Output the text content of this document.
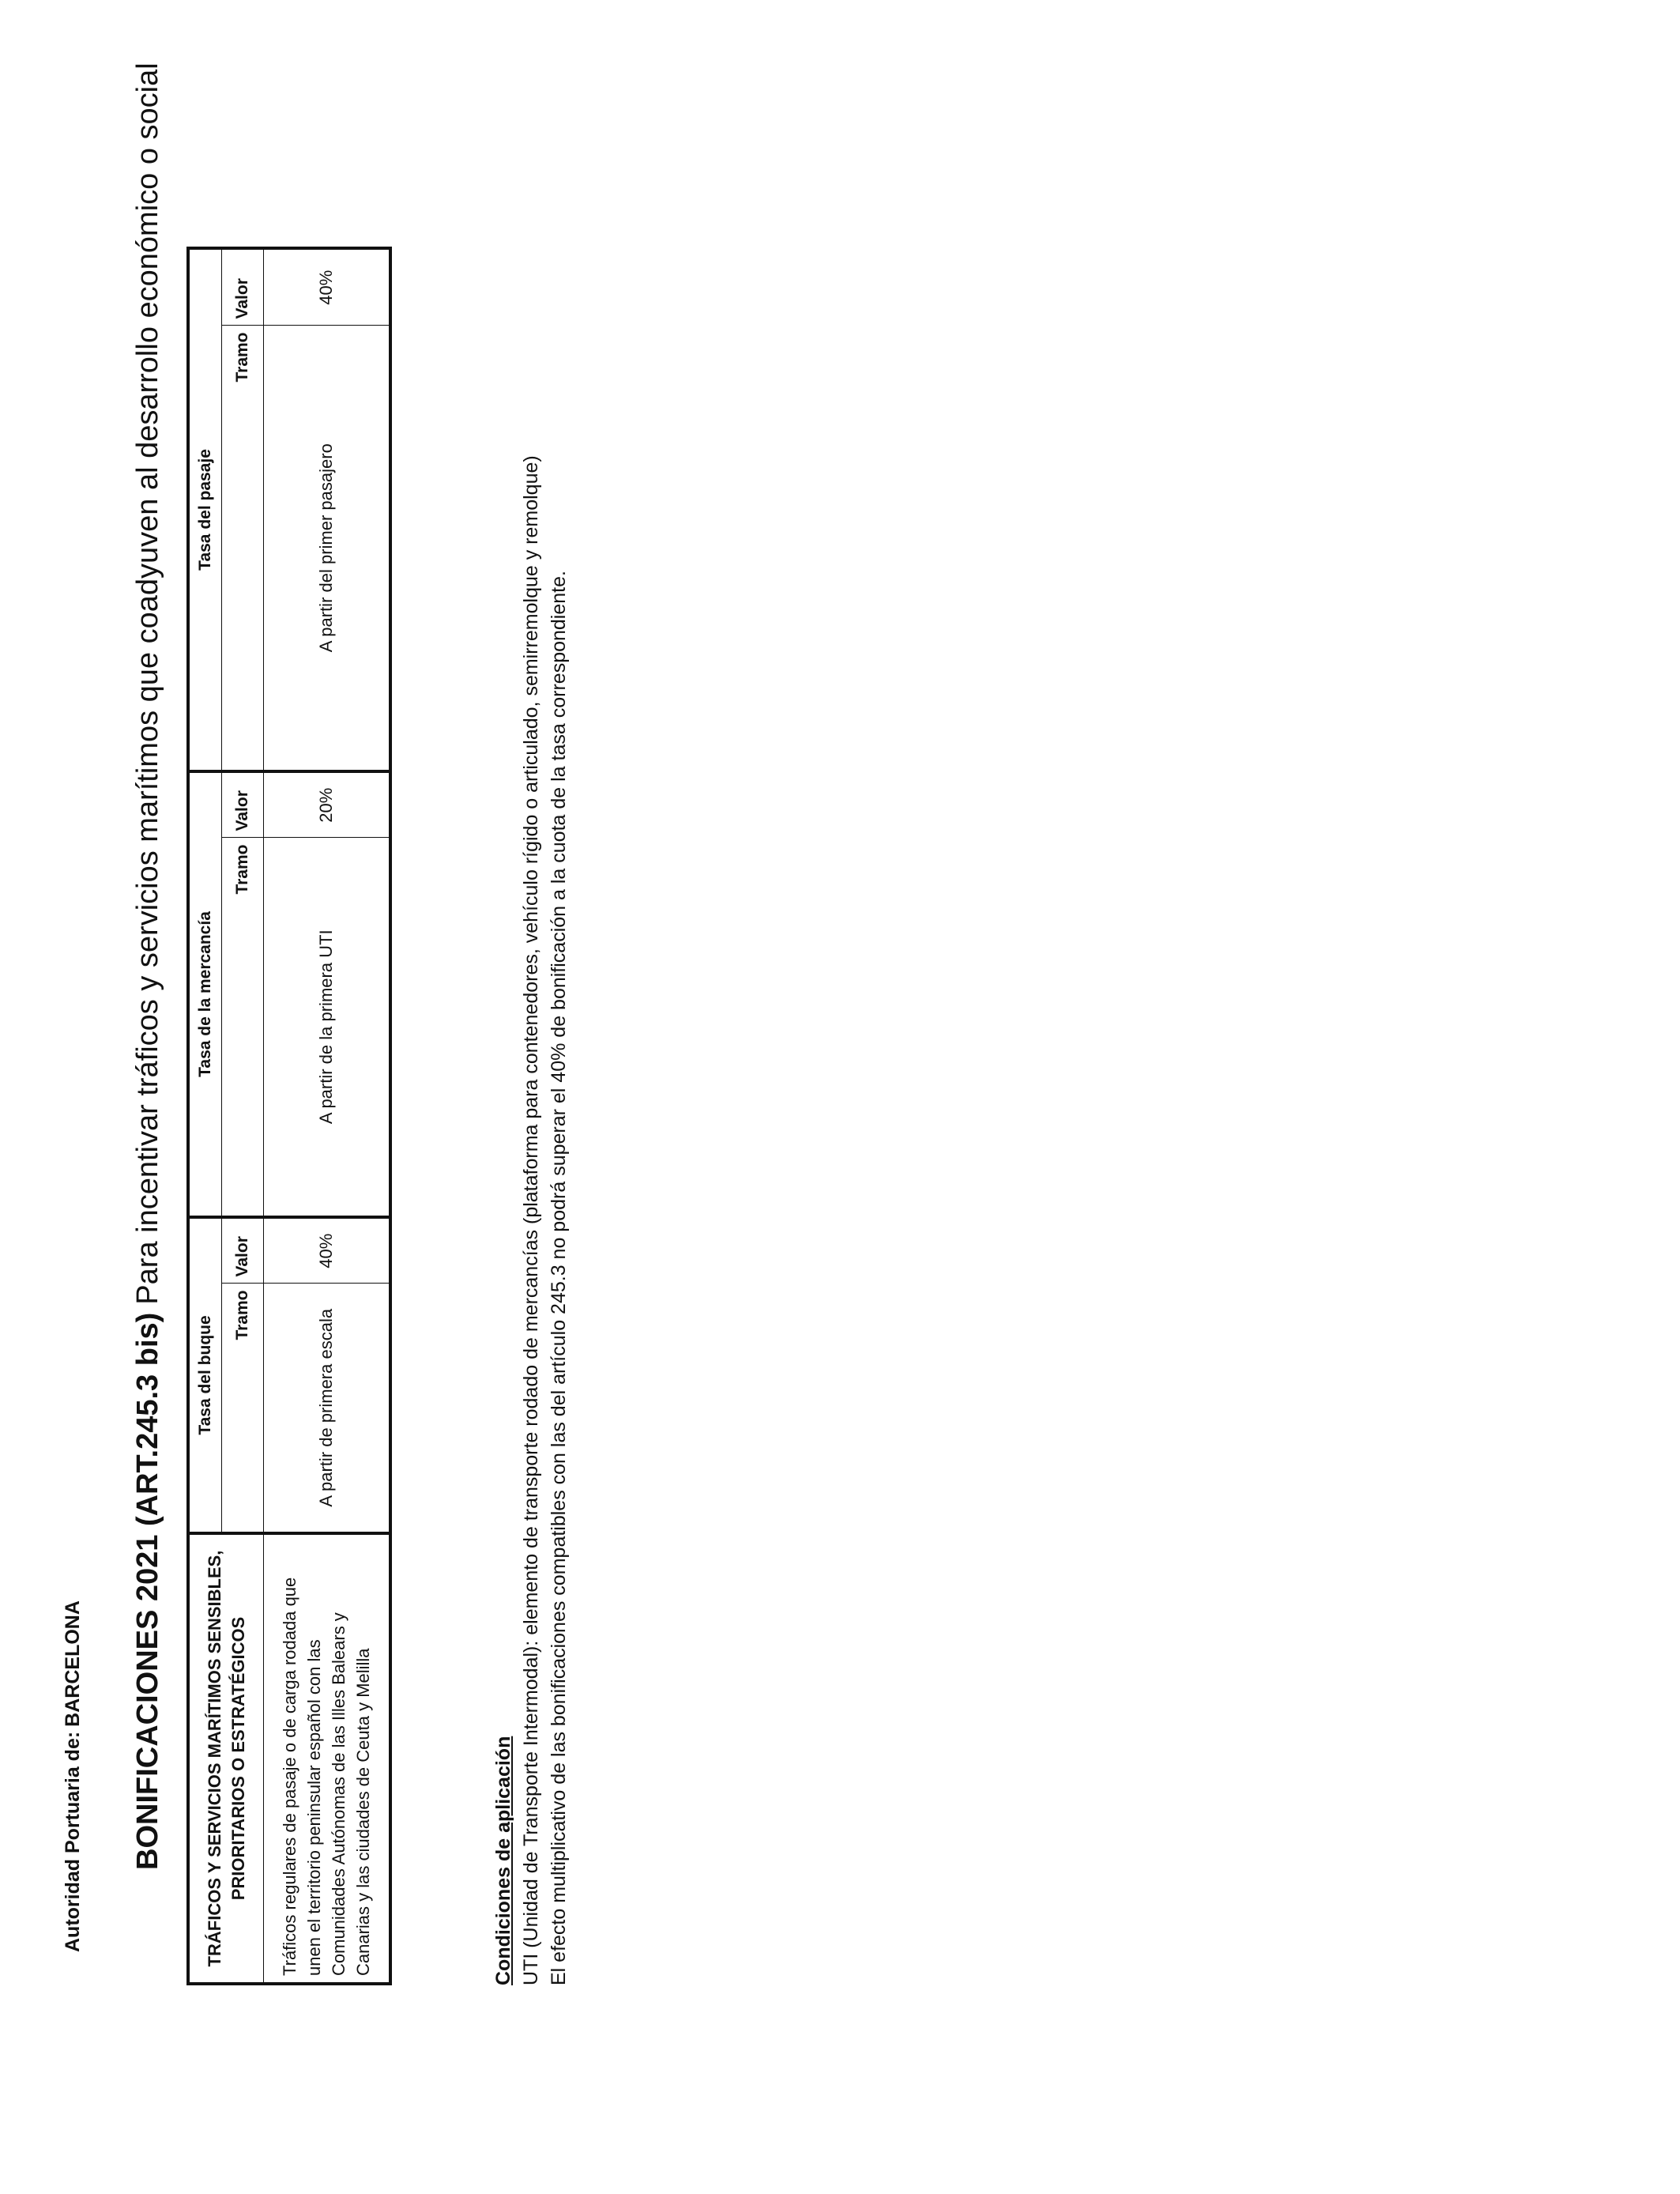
Autoridad Portuaria de:BARCELONA BONIFICACIONES 2021 (ART.245.3 bis)Para incentivar tráficos y servicios marítimos que coadyuven al desarrollo económico o social
TRÁFICOS Y SERVICIOS MARÍTIMOS SENSIBLES, PRIORITARIOS O ESTRATÉGICOS	Tasa del buque		Tasa de la mercancía		Tasa del pasaje	
	Tramo	Valor	Tramo	Valor	Tramo	Valor
Tráficos regulares de pasaje o de carga rodada que unen el territorio peninsular español con las Comunidades Autónomas de las Illes Balears y Canarias y las ciudades de Ceuta y Melilla	A partir de primera escala	40%	A partir de la primera UTI	20%	A partir del primer pasajero	40%
Condiciones de aplicación UTI (Unidad de Transporte Intermodal): elemento de transporte rodado de mercancías (plataforma para contenedores, vehículo rígido o articulado, semirremolque y remolque) El efecto multiplicativo de las bonificaciones compatibles con las del artículo 245.3 no podrá superar el 40% de bonificación a la cuota de la tasa correspondiente.
